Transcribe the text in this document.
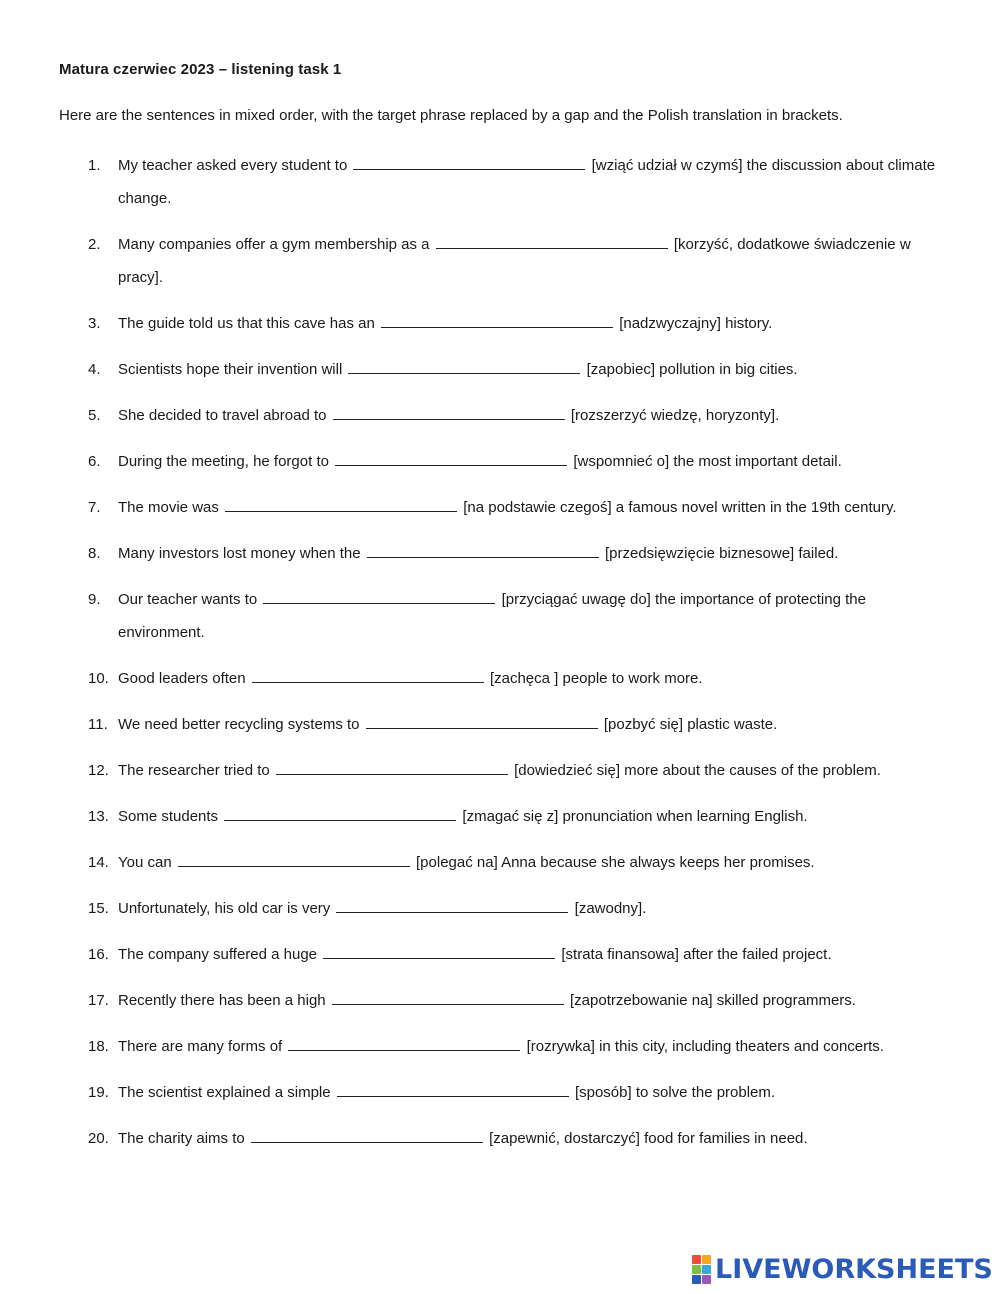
Matura czerwiec 2023 – listening task 1
Here are the sentences in mixed order, with the target phrase replaced by a gap and the Polish translation in brackets.
1.	My teacher asked every student to	[wziąć udział w czymś] the discussion about climate change.
2.	Many companies offer a gym membership as a	[korzyść, dodatkowe świadczenie w pracy].
3.	The guide told us that this cave has an	[nadzwyczajny] history.
4.	Scientists hope their invention will	[zapobiec] pollution in big cities.
5.	She decided to travel abroad to	[rozszerzyć wiedzę, horyzonty].
6.	During the meeting, he forgot to	[wspomnieć o] the most important detail.
7.	The movie was	[na podstawie czegoś] a famous novel written in the 19th century.
8.	Many investors lost money when the	[przedsięwzięcie biznesowe] failed.
9.	Our teacher wants to	[przyciągać uwagę do] the importance of protecting the environment.
10. Good leaders often	[zachęca ] people to work more.
11. We need better recycling systems to	[pozbyć się] plastic waste.
12. The researcher tried to	[dowiedzieć się] more about the causes of the problem.
13. Some students	[zmagać się z] pronunciation when learning English.
14. You can	[polegać na] Anna because she always keeps her promises.
15. Unfortunately, his old car is very	[zawodny].
16. The company suffered a huge	[strata finansowa] after the failed project.
17. Recently there has been a high	[zapotrzebowanie na] skilled programmers.
18. There are many forms of	[rozrywka] in this city, including theaters and concerts.
19. The scientist explained a simple	[sposób] to solve the problem.
20. The charity aims to	[zapewnić, dostarczyć] food for families in need.
LIVEWORKSHEETS
